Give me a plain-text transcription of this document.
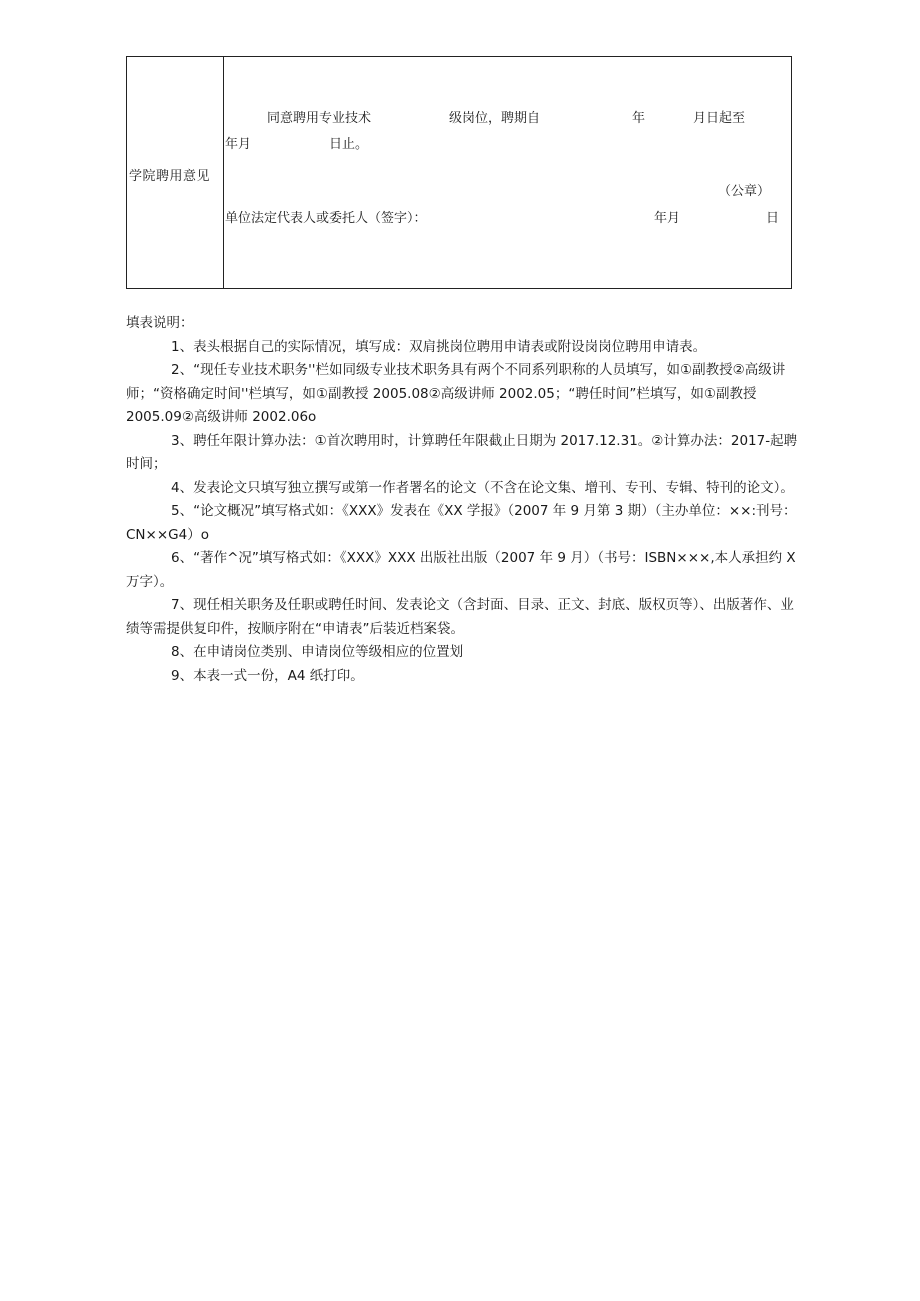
学院聘用意见
同意聘用专业技术	级岗位，聘期自	年	月日起至
年月	日止。
（公章）
单位法定代表人或委托人（签字）：	年月	日

填表说明：

1、表头根据自己的实际情况，填写成：双肩挑岗位聘用申请表或附设岗岗位聘用申请表。

2、“现任专业技术职务''栏如同级专业技术职务具有两个不同系列职称的人员填写，如①副教授②高级讲师；“资格确定时间''栏填写，如①副教授 2005.08②高级讲师 2002.05；“聘任时间”栏填写，如①副教授 2005.09②高级讲师 2002.06o

3、聘任年限计算办法：①首次聘用时，计算聘任年限截止日期为 2017.12.31。②计算办法：2017-起聘时间；

4、发表论文只填写独立撰写或第一作者署名的论文（不含在论文集、增刊、专刊、专辑、特刊的论文）。

5、“论文概况”填写格式如：《XXX》发表在《XX 学报》（2007 年 9 月第 3 期）（主办单位：××:刊号：CN××G4）o

6、“著作^况”填写格式如：《XXX》XXX 出版社出版（2007 年 9 月）（书号：ISBN×××,本人承担约 X 万字）。

7、现任相关职务及任职或聘任时间、发表论文（含封面、目录、正文、封底、版权页等）、出版著作、业绩等需提供复印件，按顺序附在“申请表”后装近档案袋。

8、在申请岗位类别、申请岗位等级相应的位置划

9、本表一式一份，A4 纸打印。
